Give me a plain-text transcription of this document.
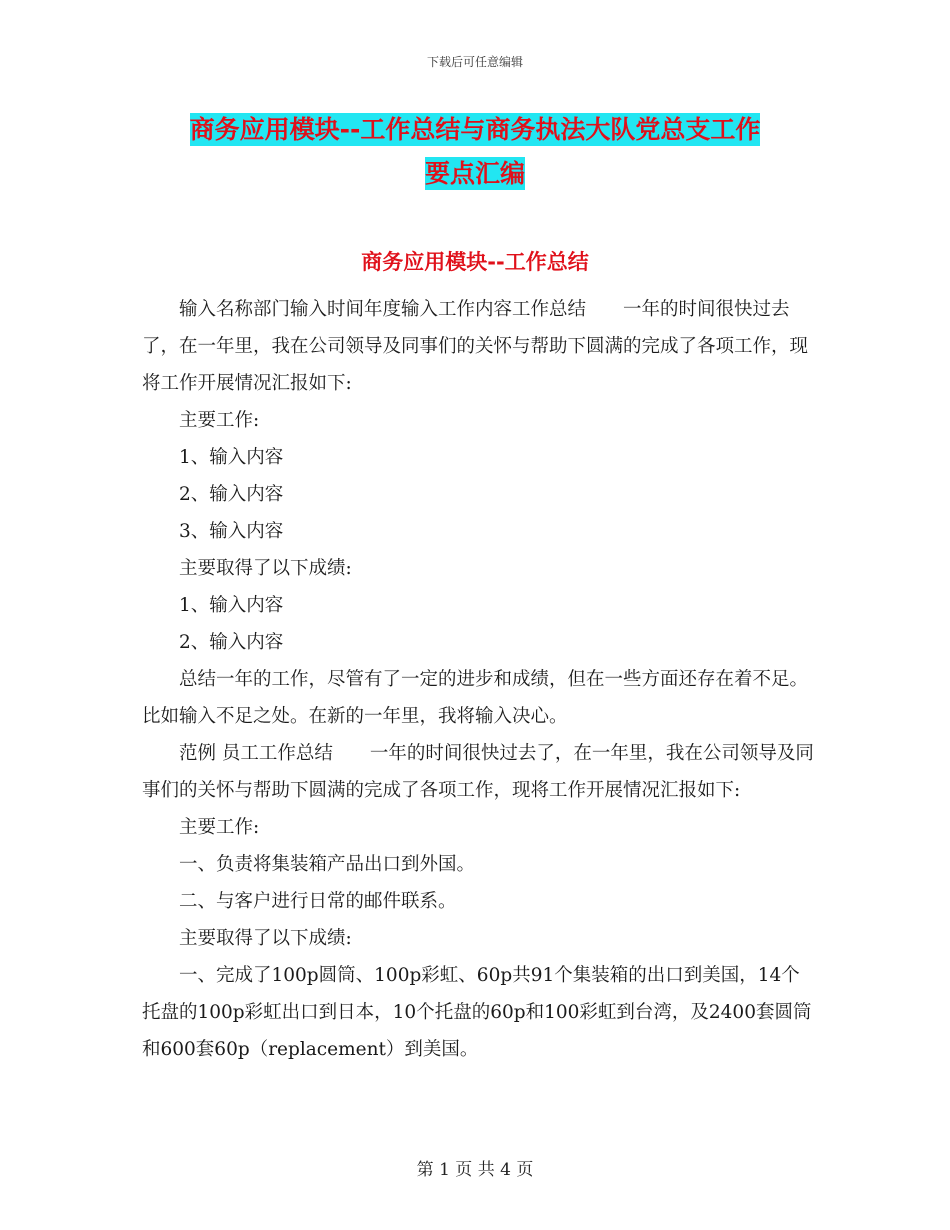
下载后可任意编辑
商务应用模块--工作总结与商务执法大队党总支工作
要点汇编
商务应用模块--工作总结

输入名称部门输入时间年度输入工作内容工作总结　　一年的时间很快过去了，在一年里，我在公司领导及同事们的关怀与帮助下圆满的完成了各项工作，现将工作开展情况汇报如下:

主要工作:

1、输入内容

2、输入内容

3、输入内容

主要取得了以下成绩:

1、输入内容

2、输入内容

总结一年的工作，尽管有了一定的进步和成绩，但在一些方面还存在着不足。比如输入不足之处。在新的一年里，我将输入决心。

范例 员工工作总结　　一年的时间很快过去了，在一年里，我在公司领导及同事们的关怀与帮助下圆满的完成了各项工作，现将工作开展情况汇报如下:

主要工作:

一、负责将集装箱产品出口到外国。

二、与客户进行日常的邮件联系。

主要取得了以下成绩:

一、完成了100p圆筒、100p彩虹、60p共91个集装箱的出口到美国，14个托盘的100p彩虹出口到日本，10个托盘的60p和100彩虹到台湾，及2400套圆筒和600套60p（replacement）到美国。

第 1 页 共 4 页
